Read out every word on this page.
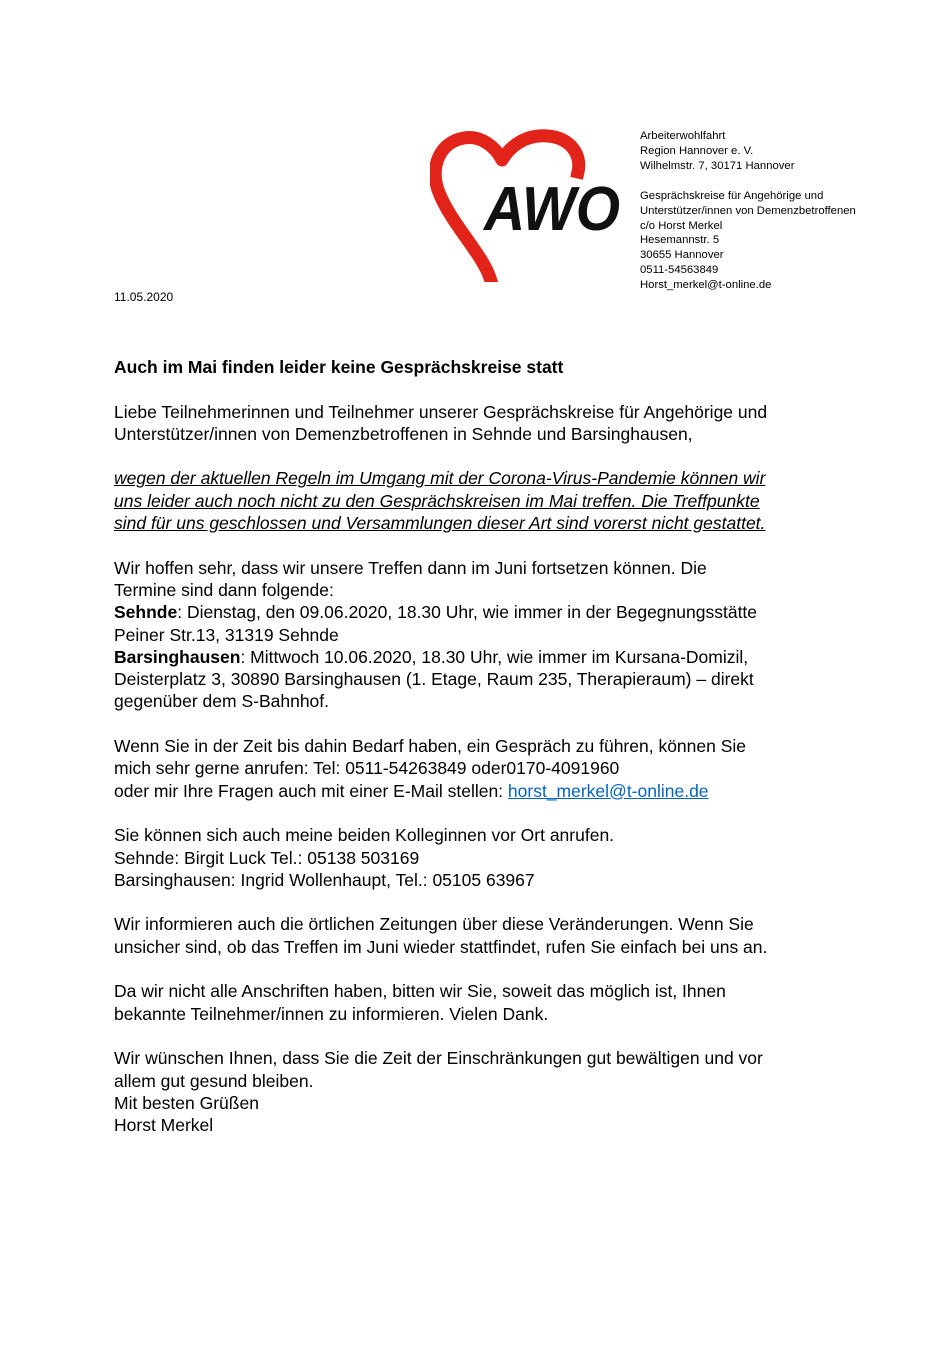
AWO
Arbeiterwohlfahrt
Region Hannover e. V.
Wilhelmstr. 7, 30171 Hannover
Gesprächskreise für Angehörige und
Unterstützer/innen von Demenzbetroffenen
c/o Horst Merkel
Hesemannstr. 5
30655 Hannover
0511-54563849
Horst_merkel@t-online.de
11.05.2020
Auch im Mai finden leider keine Gesprächskreise statt

Liebe Teilnehmerinnen und Teilnehmer unserer Gesprächskreise für Angehörige und
Unterstützer/innen von Demenzbetroffenen in Sehnde und Barsinghausen,

wegen der aktuellen Regeln im Umgang mit der Corona-Virus-Pandemie können wir
uns leider auch noch nicht zu den Gesprächskreisen im Mai treffen. Die Treffpunkte
sind für uns geschlossen und Versammlungen dieser Art sind vorerst nicht gestattet.

Wir hoffen sehr, dass wir unsere Treffen dann im Juni fortsetzen können. Die
Termine sind dann folgende:
Sehnde: Dienstag, den 09.06.2020, 18.30 Uhr, wie immer in der Begegnungsstätte
Peiner Str.13, 31319 Sehnde
Barsinghausen: Mittwoch 10.06.2020, 18.30 Uhr, wie immer im Kursana-Domizil,
Deisterplatz 3, 30890 Barsinghausen (1. Etage, Raum 235, Therapieraum) – direkt
gegenüber dem S-Bahnhof.

Wenn Sie in der Zeit bis dahin Bedarf haben, ein Gespräch zu führen, können Sie
mich sehr gerne anrufen: Tel: 0511-54263849 oder0170-4091960
oder mir Ihre Fragen auch mit einer E-Mail stellen: horst_merkel@t-online.de

Sie können sich auch meine beiden Kolleginnen vor Ort anrufen.
Sehnde: Birgit Luck Tel.: 05138 503169
Barsinghausen: Ingrid Wollenhaupt, Tel.: 05105 63967

Wir informieren auch die örtlichen Zeitungen über diese Veränderungen. Wenn Sie
unsicher sind, ob das Treffen im Juni wieder stattfindet, rufen Sie einfach bei uns an.

Da wir nicht alle Anschriften haben, bitten wir Sie, soweit das möglich ist, Ihnen
bekannte Teilnehmer/innen zu informieren. Vielen Dank.

Wir wünschen Ihnen, dass Sie die Zeit der Einschränkungen gut bewältigen und vor
allem gut gesund bleiben.
Mit besten Grüßen
Horst Merkel
